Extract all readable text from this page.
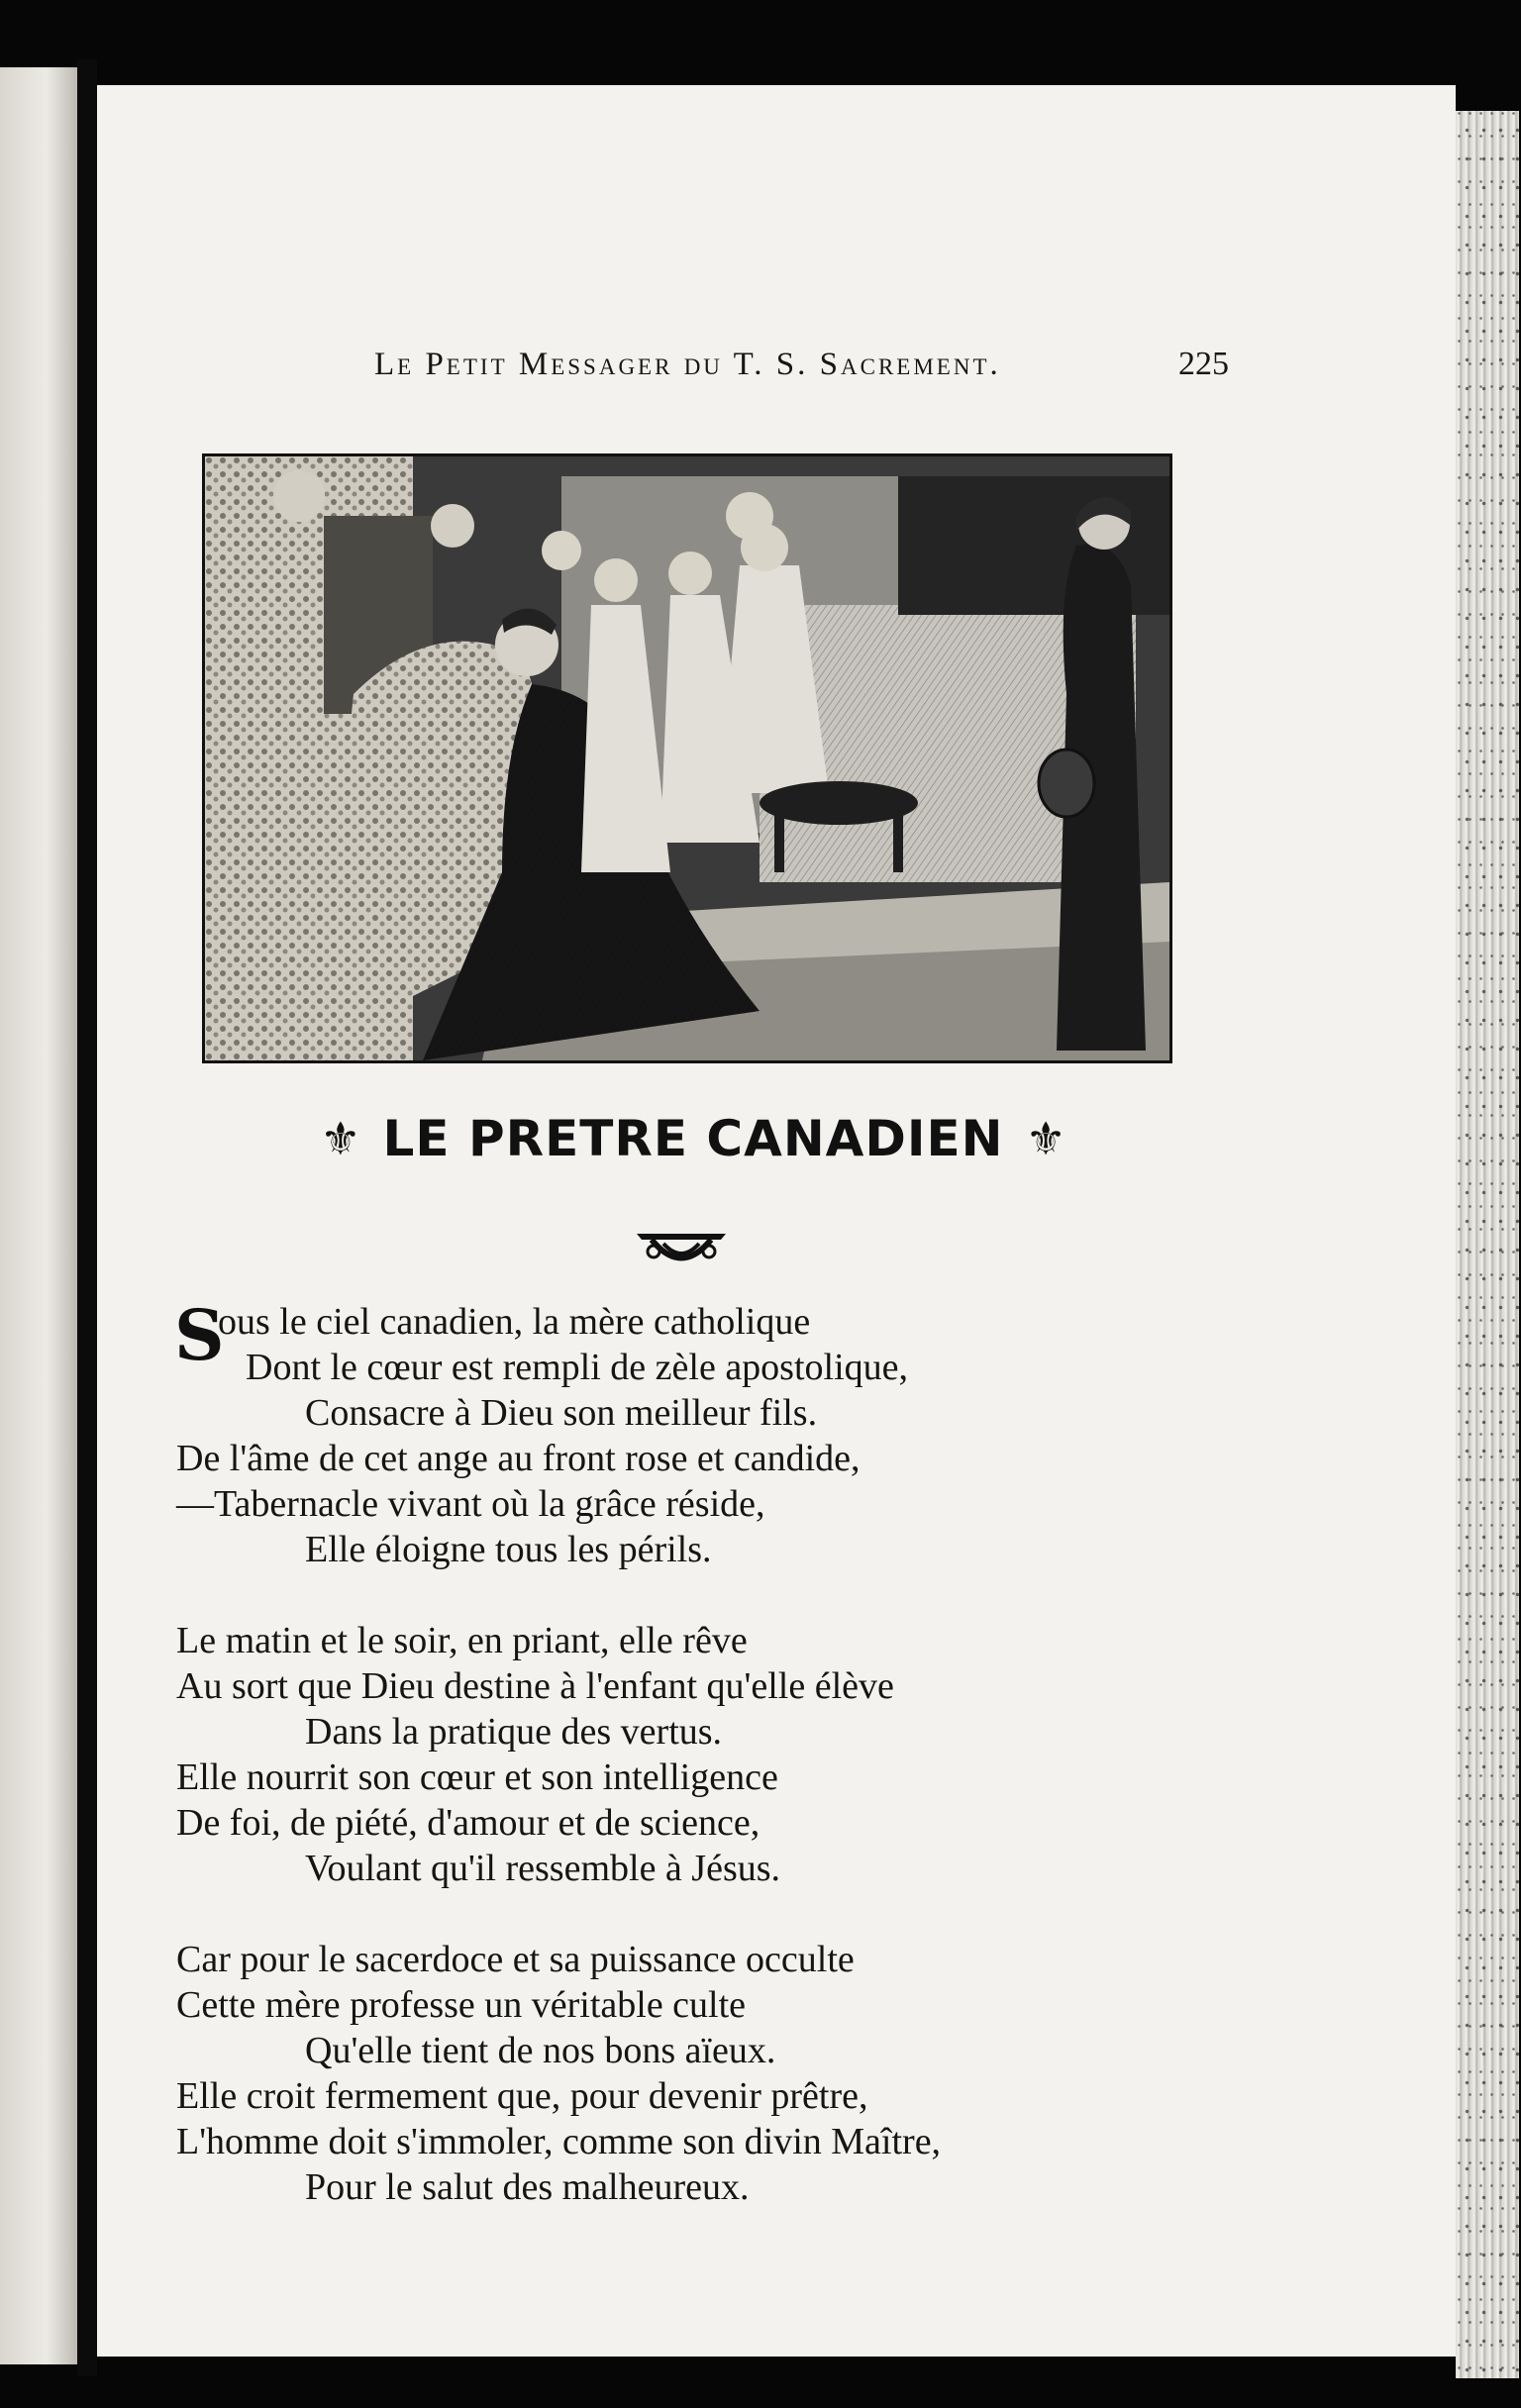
Le Petit Messager du T. S. Sacrement.	225
⚜ LE PRETRE CANADIEN ⚜
S
ous le ciel canadien, la mère catholique
Dont le cœur est rempli de zèle apostolique,
Consacre à Dieu son meilleur fils.
De l'âme de cet ange au front rose et candide,
—Tabernacle vivant où la grâce réside,
Elle éloigne tous les périls.
Le matin et le soir, en priant, elle rêve
Au sort que Dieu destine à l'enfant qu'elle élève
Dans la pratique des vertus.
Elle nourrit son cœur et son intelligence
De foi, de piété, d'amour et de science,
Voulant qu'il ressemble à Jésus.
Car pour le sacerdoce et sa puissance occulte
Cette mère professe un véritable culte
Qu'elle tient de nos bons aïeux.
Elle croit fermement que, pour devenir prêtre,
L'homme doit s'immoler, comme son divin Maître,
Pour le salut des malheureux.
